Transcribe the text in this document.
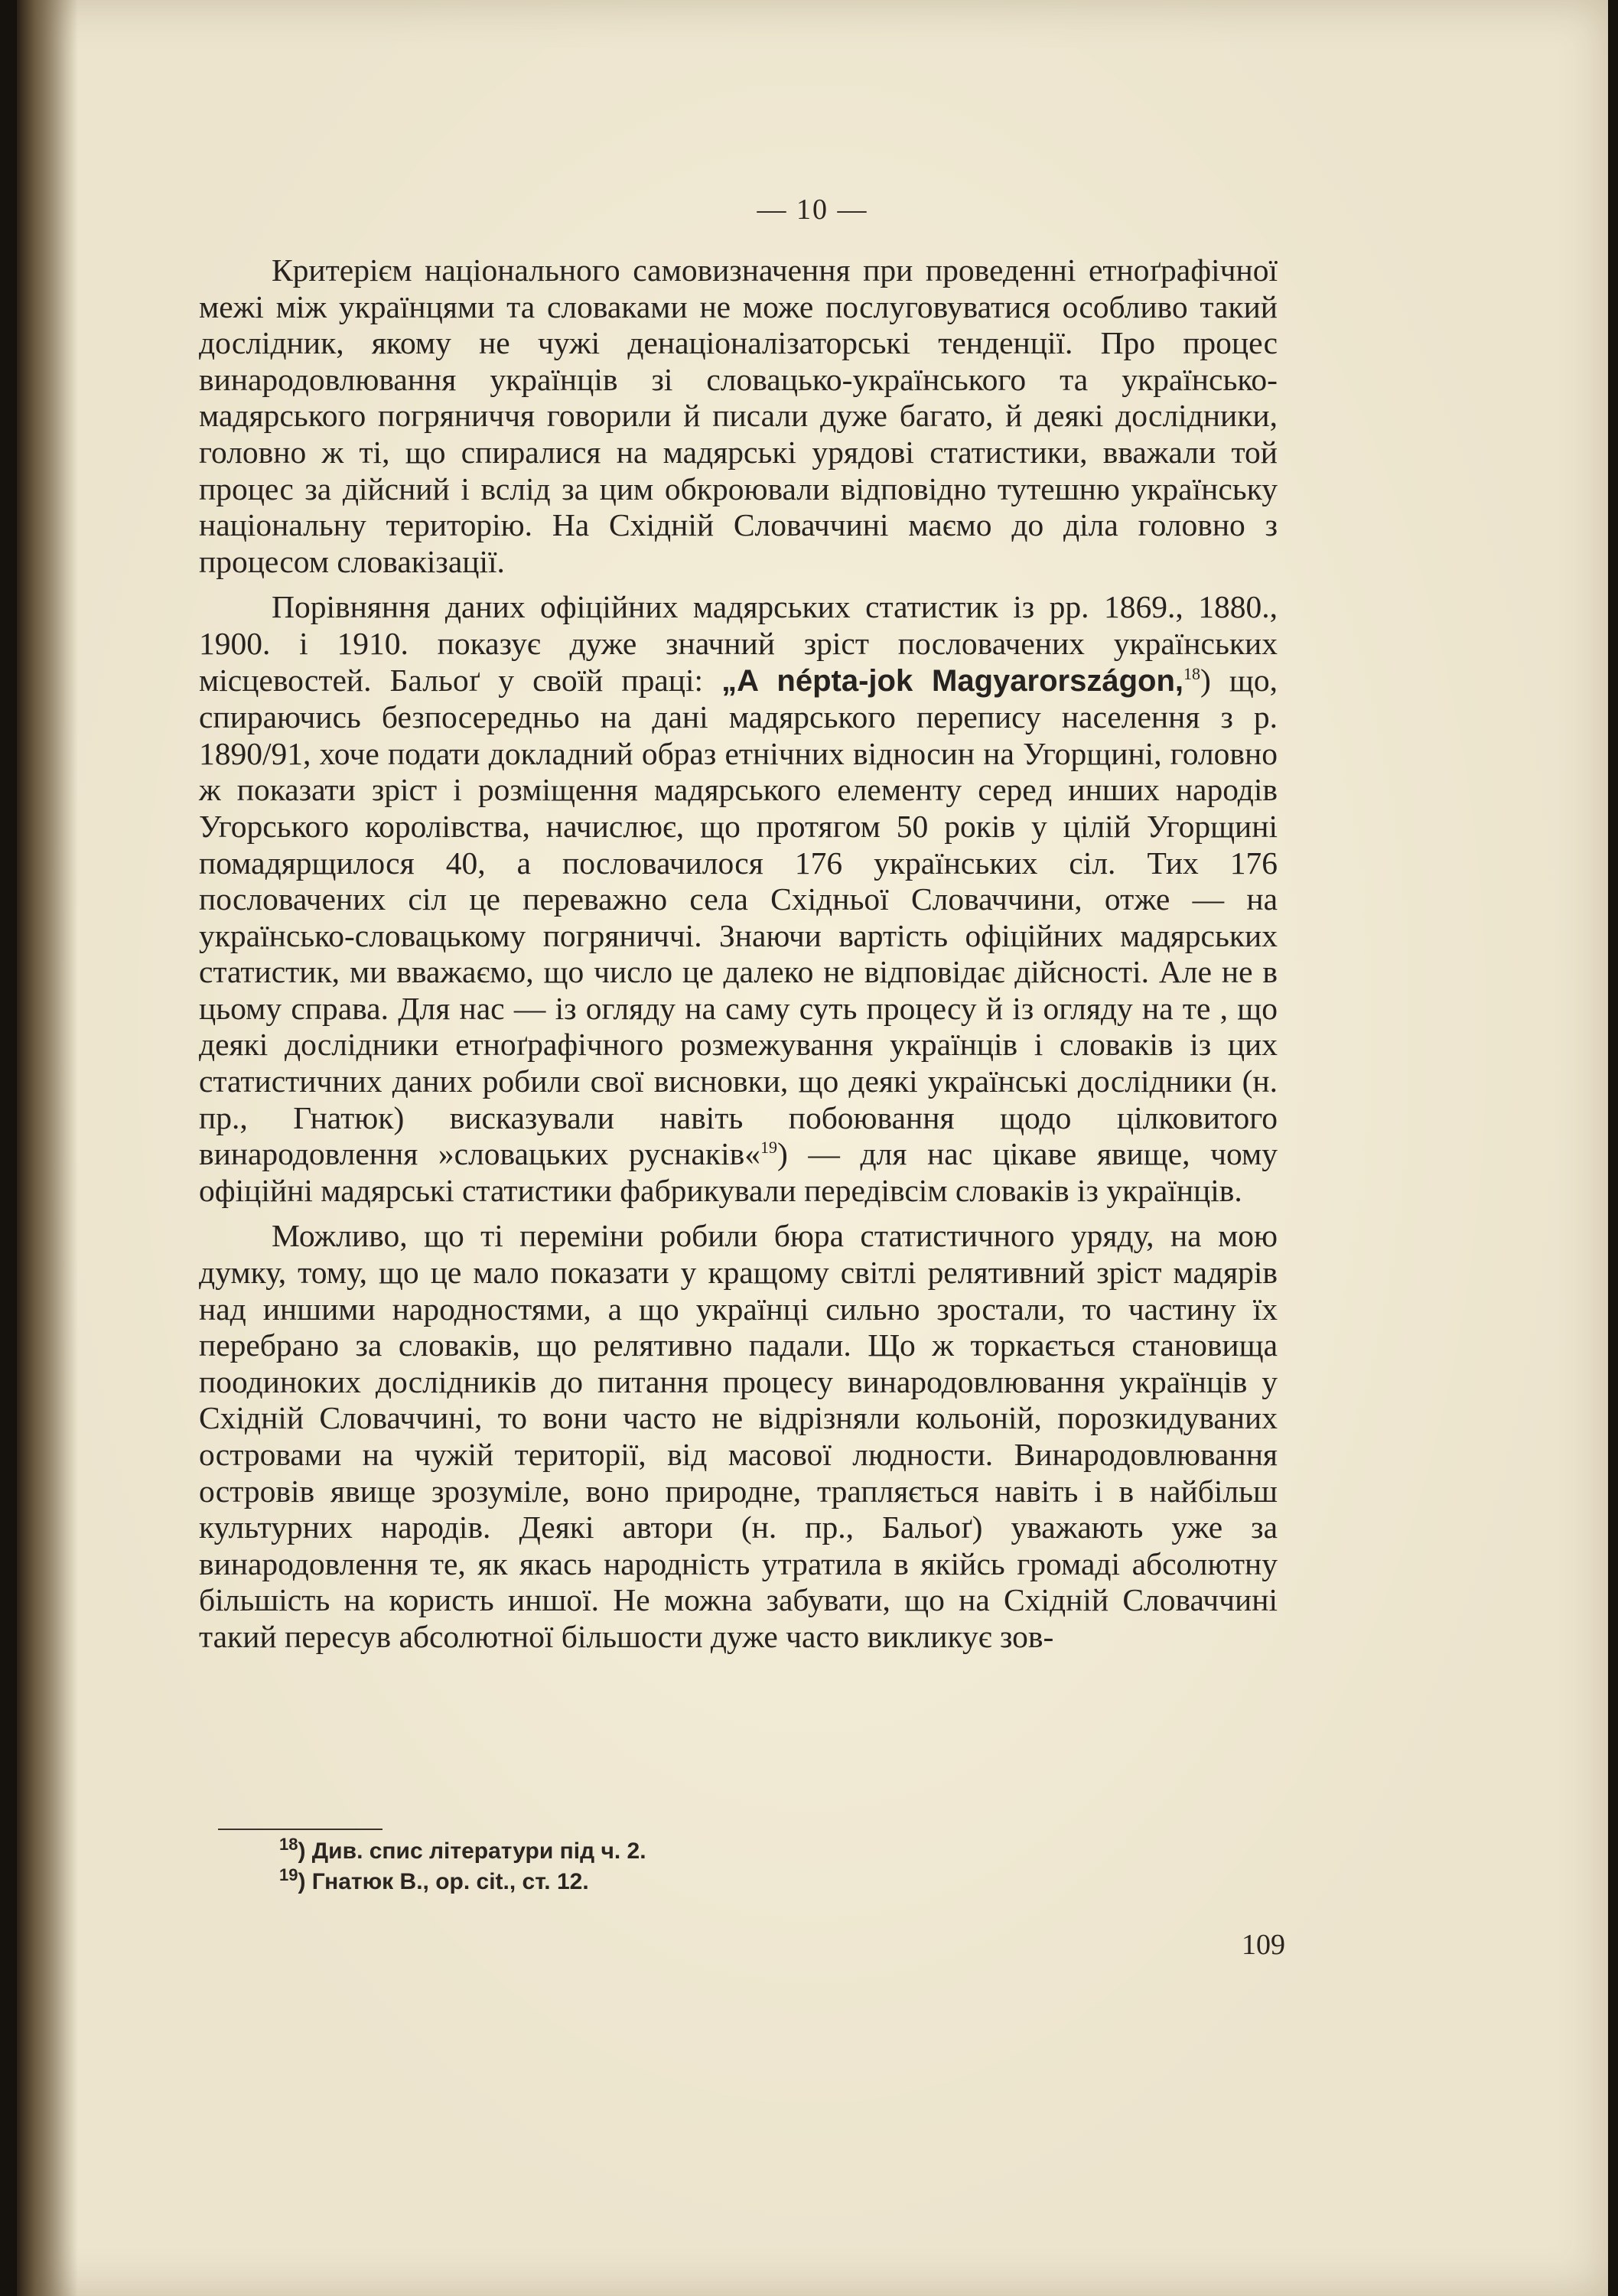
— 10 —

Критерієм національного самовизначення при проведенні етноґрафічної межі між українцями та словаками не може послуговуватися особливо такий дослідник, якому не чужі денаціоналізаторські тенденції. Про процес винародовлювання українців зі словацько-українського та українсько-мадярського погряниччя говорили й писали дуже багато, й деякі дослідники, головно ж ті, що спиралися на мадярські урядові статистики, вважали той процес за дійсний і вслід за цим обкроювали відповідно тутешню українську національну територію. На Східній Словаччині маємо до діла головно з процесом словакізації.

Порівняння даних офіційних мадярських статистик із рр. 1869., 1880., 1900. і 1910. показує дуже значний зріст пословачених українських місцевостей. Бальоґ у своїй праці: „A népta-jok Magyarországon,$^{18}$) що, спираючись безпосередньо на дані мадярського перепису населення з р. 1890/91, хоче подати докладний образ етнічних відносин на Угорщині, головно ж показати зріст і розміщення мадярського елементу серед инших народів Угорського королівства, начислює, що протягом 50 років у цілій Угорщині помадярщилося 40, а пословачилося 176 українських сіл. Тих 176 пословачених сіл це переважно села Східньої Словаччини, отже — на українсько-словацькому погряниччі. Знаючи вартість офіційних мадярських статистик, ми вважаємо, що число це далеко не відповідає дійсності. Але не в цьому справа. Для нас — із огляду на саму суть процесу й із огляду на те , що деякі дослідники етноґрафічного розмежування українців і словаків із цих статистичних даних робили свої висновки, що деякі українські дослідники (н. пр., Гнатюк) висказували навіть побоювання щодо цілковитого винародовлення »словацьких руснаків«$^{19}$) — для нас цікаве явище, чому офіційні мадярські статистики фабрикували передівсім словаків із українців.

Можливо, що ті переміни робили бюра статистичного уряду, на мою думку, тому, що це мало показати у кращому світлі релятивний зріст мадярів над иншими народностями, а що українці сильно зростали, то частину їх перебрано за словаків, що релятивно падали. Що ж торкається становища поодиноких дослідників до питання процесу винародовлювання українців у Східній Словаччині, то вони часто не відрізняли кольоній, порозкидуваних островами на чужій території, від масової людности. Винародовлювання островів явище зрозуміле, воно природне, трапляється навіть і в найбільш культурних народів. Деякі автори (н. пр., Бальоґ) уважають уже за винародовлення те, як якась народність утратила в якійсь громаді абсолютну більшість на користь иншої. Не можна забувати, що на Східній Словаччині такий пересув абсолютної більшости дуже часто викликує зов-

$^{18}$) Див. спис літератури під ч. 2.

$^{19}$) Гнатюк В., op. cit., ст. 12.

109
